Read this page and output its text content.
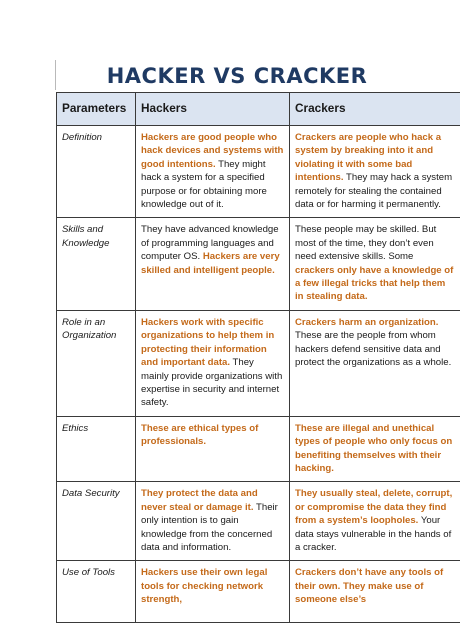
HACKER VS CRACKER
Parameters	Hackers	Crackers
Definition	Hackers are good people who hack devices and systems with good intentions. They might hack a system for a specified purpose or for obtaining more knowledge out of it.	Crackers are people who hack a system by breaking into it and violating it with some bad intentions. They may hack a system remotely for stealing the contained data or for harming it permanently.
Skills and Knowledge	They have advanced knowledge of programming languages and computer OS. Hackers are very skilled and intelligent people.	These people may be skilled. But most of the time, they don’t even need extensive skills. Some crackers only have a knowledge of a few illegal tricks that help them in stealing data.
Role in an Organization	Hackers work with specific organizations to help them in protecting their information and important data. They mainly provide organizations with expertise in security and internet safety.	Crackers harm an organization. These are the people from whom hackers defend sensitive data and protect the organizations as a whole.
Ethics	These are ethical types of professionals.	These are illegal and unethical types of people who only focus on benefiting themselves with their hacking.
Data Security	They protect the data and never steal or damage it. Their only intention is to gain knowledge from the concerned data and information.	They usually steal, delete, corrupt, or compromise the data they find from a system’s loopholes. Your data stays vulnerable in the hands of a cracker.
Use of Tools	Hackers use their own legal tools for checking network strength,	Crackers don’t have any tools of their own. They make use of someone else’s
